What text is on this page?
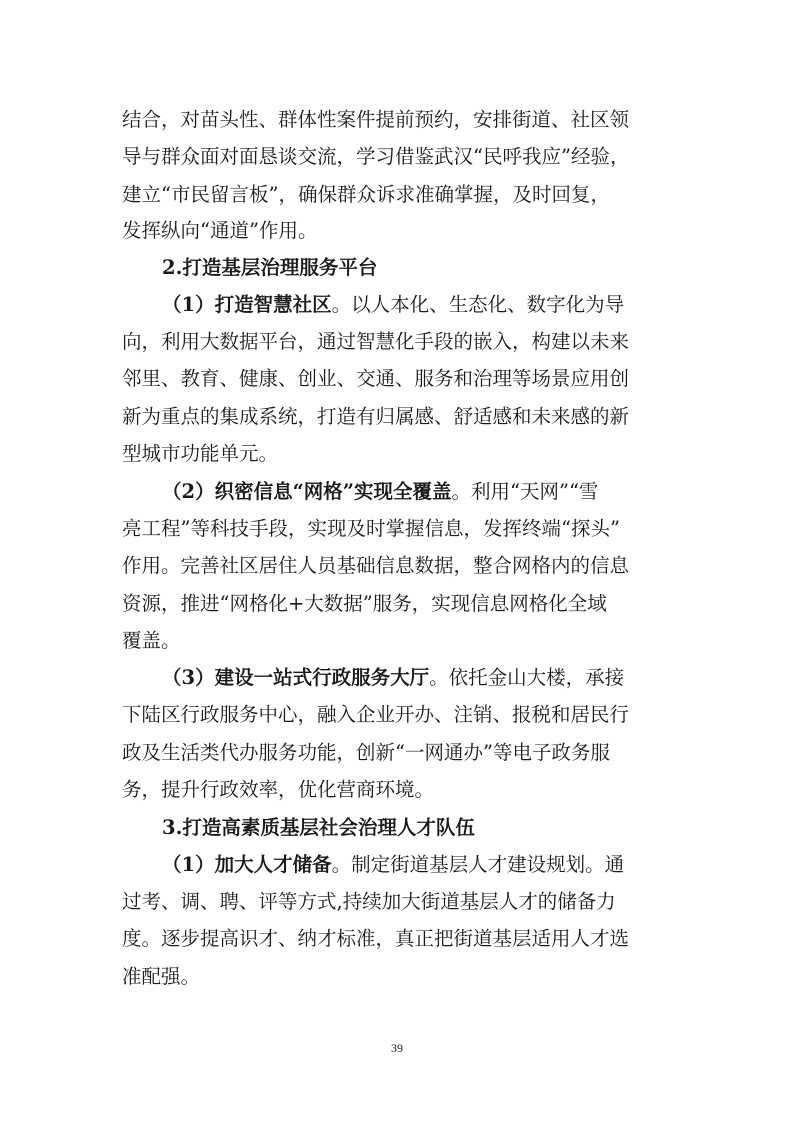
结合，对苗头性、群体性案件提前预约，安排街道、社区领
导与群众面对面恳谈交流，学习借鉴武汉“民呼我应”经验，
建立“市民留言板”，确保群众诉求准确掌握，及时回复，
发挥纵向“通道”作用。
2.打造基层治理服务平台
（1）打造智慧社区。以人本化、生态化、数字化为导
向，利用大数据平台，通过智慧化手段的嵌入，构建以未来
邻里、教育、健康、创业、交通、服务和治理等场景应用创
新为重点的集成系统，打造有归属感、舒适感和未来感的新
型城市功能单元。
（2）织密信息“网格”实现全覆盖。利用“天网”“雪
亮工程”等科技手段，实现及时掌握信息，发挥终端“探头”
作用。完善社区居住人员基础信息数据，整合网格内的信息
资源，推进“网格化+大数据”服务，实现信息网格化全域
覆盖。
（3）建设一站式行政服务大厅。依托金山大楼，承接
下陆区行政服务中心，融入企业开办、注销、报税和居民行
政及生活类代办服务功能，创新“一网通办”等电子政务服
务，提升行政效率，优化营商环境。
3.打造高素质基层社会治理人才队伍
（1）加大人才储备。制定街道基层人才建设规划。通
过考、调、聘、评等方式,持续加大街道基层人才的储备力
度。逐步提高识才、纳才标准，真正把街道基层适用人才选
准配强。
39
